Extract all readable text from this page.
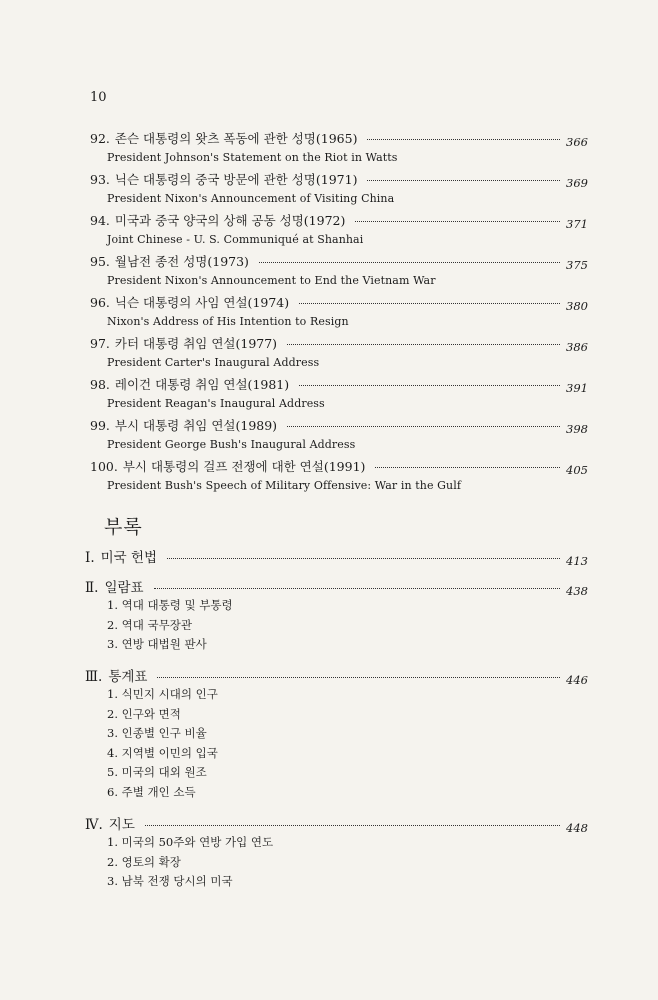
10
92. 존슨 대통령의 왓츠 폭동에 관한 성명(1965)	366
President Johnson's Statement on the Riot in Watts
93. 닉슨 대통령의 중국 방문에 관한 성명(1971)	369
President Nixon's Announcement of Visiting China
94. 미국과 중국 양국의 상해 공동 성명(1972)	371
Joint Chinese - U. S. Communiqué at Shanhai
95. 월남전 종전 성명(1973)	375
President Nixon's Announcement to End the Vietnam War
96. 닉슨 대통령의 사임 연설(1974)	380
Nixon's Address of His Intention to Resign
97. 카터 대통령 취임 연설(1977)	386
President Carter's Inaugural Address
98. 레이건 대통령 취임 연설(1981)	391
President Reagan's Inaugural Address
99. 부시 대통령 취임 연설(1989)	398
President George Bush's Inaugural Address
100. 부시 대통령의 걸프 전쟁에 대한 연설(1991)	405
President Bush's Speech of Military Offensive: War in the Gulf
부록
Ⅰ. 미국 헌법	413
Ⅱ. 일람표	438
1. 역대 대통령 및 부통령
2. 역대 국무장관
3. 연방 대법원 판사
Ⅲ. 통계표	446
1. 식민지 시대의 인구
2. 인구와 면적
3. 인종별 인구 비율
4. 지역별 이민의 입국
5. 미국의 대외 원조
6. 주별 개인 소득
Ⅳ. 지도	448
1. 미국의 50주와 연방 가입 연도
2. 영토의 확장
3. 남북 전쟁 당시의 미국
